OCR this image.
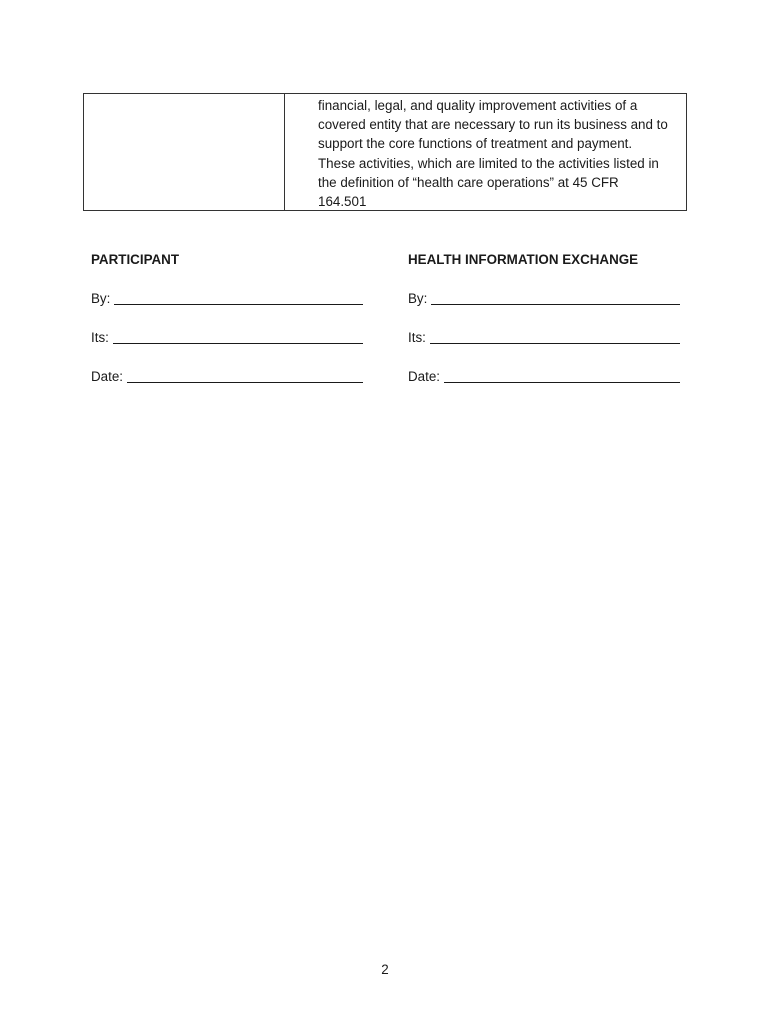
financial, legal, and quality improvement activities of a
covered entity that are necessary to run its business and to
support the core functions of treatment and payment.
These activities, which are limited to the activities listed in
the definition of “health care operations” at 45 CFR
164.501
PARTICIPANT
By:
Its:
Date:
HEALTH INFORMATION EXCHANGE
By:
Its:
Date:
2
